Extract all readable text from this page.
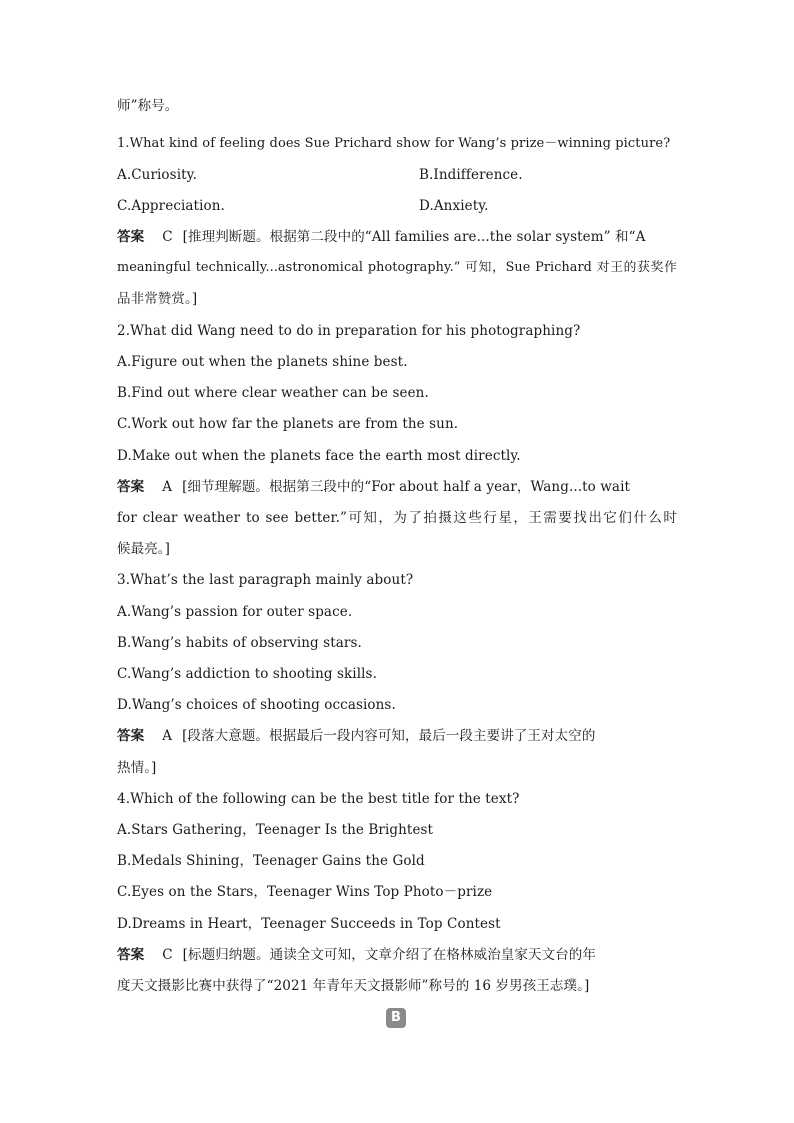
师”称号。
1.What kind of feeling does Sue Prichard show for Wang’s prize－winning picture?
A.Curiosity.	B.Indifference.
C.Appreciation.	D.Anxiety.
答案 C [推理判断题。根据第二段中的“All families are...the solar system” 和“A
meaningful technically...astronomical photography.” 可知，Sue Prichard 对王的获奖作
品非常赞赏。]
2.What did Wang need to do in preparation for his photographing?
A.Figure out when the planets shine best.
B.Find out where clear weather can be seen.
C.Work out how far the planets are from the sun.
D.Make out when the planets face the earth most directly.
答案 A [细节理解题。根据第三段中的“For about half a year，Wang...to wait
for clear weather to see better.”可知，为了拍摄这些行星，王需要找出它们什么时
候最亮。]
3.What’s the last paragraph mainly about?
A.Wang’s passion for outer space.
B.Wang’s habits of observing stars.
C.Wang’s addiction to shooting skills.
D.Wang’s choices of shooting occasions.
答案 A [段落大意题。根据最后一段内容可知，最后一段主要讲了王对太空的
热情。]
4.Which of the following can be the best title for the text?
A.Stars Gathering，Teenager Is the Brightest
B.Medals Shining，Teenager Gains the Gold
C.Eyes on the Stars，Teenager Wins Top Photo－prize
D.Dreams in Heart，Teenager Succeeds in Top Contest
答案 C [标题归纳题。通读全文可知，文章介绍了在格林威治皇家天文台的年
度天文摄影比赛中获得了“2021 年青年天文摄影师”称号的 16 岁男孩王志璞。]
B
